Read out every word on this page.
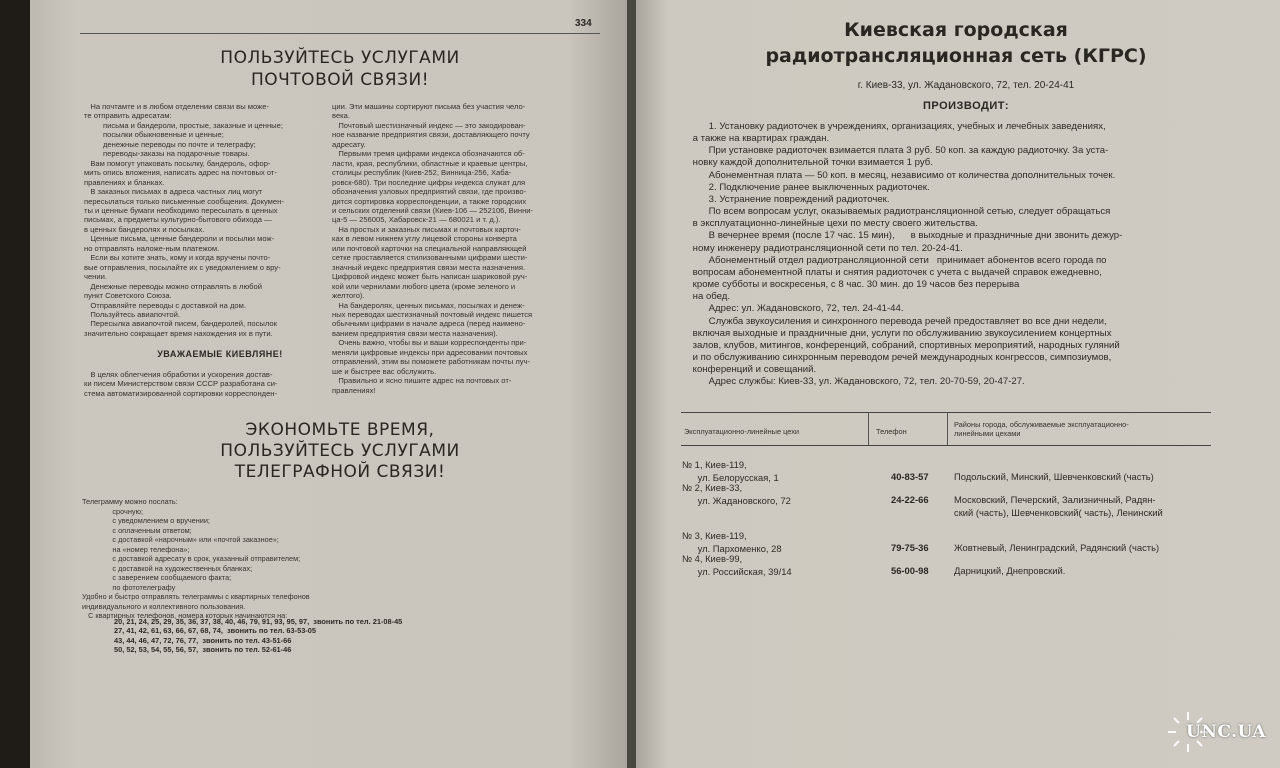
334
ПОЛЬЗУЙТЕСЬ УСЛУГАМИ
ПОЧТОВОЙ СВЯЗИ!
На почтамте и в любом отделении связи вы може-
те отправить адресатам:
письма и бандероли, простые, заказные и ценные;
посылки обыкновенные и ценные;
денежные переводы по почте и телеграфу;
переводы-заказы на подарочные товары.
Вам помогут упаковать посылку, бандероль, офор-
мить опись вложения, написать адрес на почтовых от-
правлениях и бланках.
В заказных письмах в адреса частных лиц могут
пересылаться только письменные сообщения. Докумен-
ты и ценные бумаги необходимо пересылать в ценных
письмах, а предметы культурно-бытового обихода —
в ценных бандеролях и посылках.
Ценные письма, ценные бандероли и посылки мож-
но отправлять наложе-ным платежом.
Если вы хотите знать, кому и когда вручены почто-
вые отправления, посылайте их с уведомлением о вру-
чении.
Денежные переводы можно отправлять в любой
пункт Советского Союза.
Отправляйте переводы с доставкой на дом.
Пользуйтесь авиапочтой.
Пересылка авиапочтой писем, бандеролей, посылок
значительно сокращает время нахождения их в пути.
УВАЖАЕМЫЕ КИЕВЛЯНЕ!
В целях облегчения обработки и ускорения достав-
ки писем Министерством связи СССР разработана си-
стема автоматизированной сортировки корреспонден-
ции. Эти машины сортируют письма без участия чело-
века.
Почтовый шестизначный индекс — это закодирован-
ное название предприятия связи, доставляющего почту
адресату.
Первыми тремя цифрами индекса обозначаются об-
ласти, края, республики, областные и краевые центры,
столицы республик (Киев-252, Винница-256, Хаба-
ровск-680). Три последние цифры индекса служат для
обозначения узловых предприятий связи, где произво-
дится сортировка корреспонденции, а также городских
и сельских отделений связи (Киев-106 — 252106, Винни-
ца-5 — 256005, Хабаровск-21 — 680021 и т. д.).
На простых и заказных письмах и почтовых карточ-
ках в левом нижнем углу лицевой стороны конверта
или почтовой карточки на специальной направляющей
сетке проставляется стилизованными цифрами шести-
значный индекс предприятия связи места назначения.
Цифровой индекс может быть написан шариковой руч-
кой или чернилами любого цвета (кроме зеленого и
желтого).
На бандеролях, ценных письмах, посылках и денеж-
ных переводах шестизначный почтовый индекс пишется
обычными цифрами в начале адреса (перед наимено-
ванием предприятия связи места назначения).
Очень важно, чтобы вы и ваши корреспонденты при-
меняли цифровые индексы при адресовании почтовых
отправлений, этим вы поможете работникам почты луч-
ше и быстрее вас обслужить.
Правильно и ясно пишите адрес на почтовых от-
правлениях!
ЭКОНОМЬТЕ ВРЕМЯ,
ПОЛЬЗУЙТЕСЬ УСЛУГАМИ
ТЕЛЕГРАФНОЙ СВЯЗИ!
Телеграмму можно послать:
срочную;
с уведомлением о вручении;
с оплаченным ответом;
с доставкой «нарочным» или «почтой заказное»;
на «номер телефона»;
с доставкой адресату в срок, указанный отправителем;
с доставкой на художественных бланках;
с заверением сообщаемого факта;
по фототелеграфу
Удобно и быстро отправлять телеграммы с квартирных телефонов
индивидуального и коллективного пользования.
С квартирных телефонов, номера которых начинаются на:
20, 21, 24, 25, 29, 35, 36, 37, 38, 40, 46, 79, 91, 93, 95, 97,  звонить по тел. 21-08-45
27, 41, 42, 61, 63, 66, 67, 68, 74,  звонить по тел. 63-53-05
43, 44, 46, 47, 72, 76, 77,  звонить по тел. 43-51-66
50, 52, 53, 54, 55, 56, 57,  звонить по тел. 52-61-46
Киевская городская
радиотрансляционная сеть (КГРС)
г. Киев-33, ул. Жадановского, 72, тел. 20-24-41
ПРОИЗВОДИТ:
1. Установку радиоточек в учреждениях, организациях, учебных и лечебных заведениях,
а также на квартирах граждан.
При установке радиоточек взимается плата 3 руб. 50 коп. за каждую радиоточку. За уста-
новку каждой дополнительной точки взимается 1 руб.
Абонементная плата — 50 коп. в месяц, независимо от количества дополнительных точек.
2. Подключение ранее выключенных радиоточек.
3. Устранение повреждений радиоточек.
По всем вопросам услуг, оказываемых радиотрансляционной сетью, следует обращаться
в эксплуатационно-линейные цехи по месту своего жительства.
В вечернее время (после 17 час. 15 мин),      в выходные и праздничные дни звонить дежур-
ному инженеру радиотрансляционной сети по тел. 20-24-41.
Абонементный отдел радиотрансляционной сети   принимает абонентов всего города по
вопросам абонементной платы и снятия радиоточек с учета с выдачей справок ежедневно,
кроме субботы и воскресенья, с 8 час. 30 мин. до 19 часов без перерыва
на обед.
Адрес: ул. Жадановского, 72, тел. 24-41-44.
Служба звукоусиления и синхронного перевода речей предоставляет во все дни недели,
включая выходные и праздничные дни, услуги по обслуживанию звукоусилением концертных
залов, клубов, митингов, конференций, собраний, спортивных мероприятий, народных гуляний
и по обслуживанию синхронным переводом речей международных конгрессов, симпозиумов,
конференций и совещаний.
Адрес службы: Киев-33, ул. Жадановского, 72, тел. 20-70-59, 20-47-27.
Эксплуатационно-линейные цехи	Телефон
Районы города, обслуживаемые эксплуатационно-
линейными цехами
№ 1, Киев-119,
ул. Белорусская, 1	40-83-57	Подольский, Минский, Шевченковский (часть)
№ 2, Киев-33,
ул. Жадановского, 72	24-22-66	Московский, Печерский, Зализничный, Радян-
ский (часть), Шевченковский( часть), Ленинский
№ 3, Киев-119,
ул. Пархоменко, 28	79-75-36	Жовтневый, Ленинградский, Радянский (часть)
№ 4, Киев-99,
ул. Российская, 39/14	56-00-98	Дарницкий, Днепровский.
UNC.UA
